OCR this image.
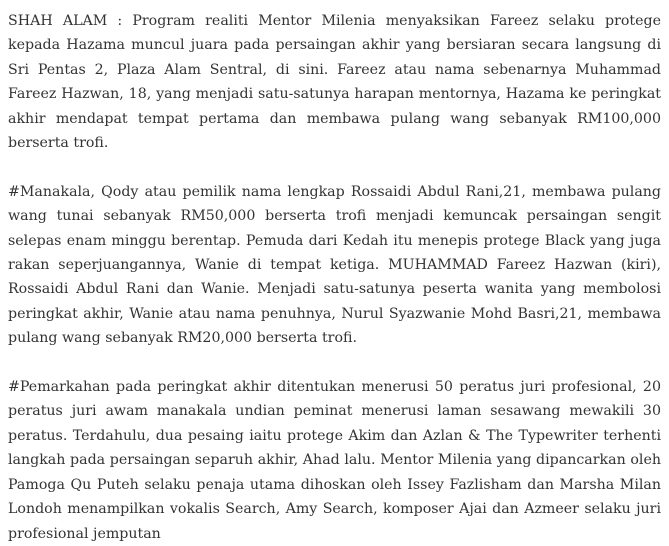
SHAH ALAM : Program realiti Mentor Milenia menyaksikan Fareez selaku protege kepada Hazama muncul juara pada persaingan akhir yang bersiaran secara langsung di Sri Pentas 2, Plaza Alam Sentral, di sini. Fareez atau nama sebenarnya Muhammad Fareez Hazwan, 18, yang menjadi satu-satunya harapan mentornya, Hazama ke peringkat akhir mendapat tempat pertama dan membawa pulang wang sebanyak RM100,000 berserta trofi.

#Manakala, Qody atau pemilik nama lengkap Rossaidi Abdul Rani,21, membawa pulang wang tunai sebanyak RM50,000 berserta trofi menjadi kemuncak persaingan sengit selepas enam minggu berentap. Pemuda dari Kedah itu menepis protege Black yang juga rakan seperjuangannya, Wanie di tempat ketiga. MUHAMMAD Fareez Hazwan (kiri), Rossaidi Abdul Rani dan Wanie. Menjadi satu-satunya peserta wanita yang membolosi peringkat akhir, Wanie atau nama penuhnya, Nurul Syazwanie Mohd Basri,21, membawa pulang wang sebanyak RM20,000 berserta trofi.

#Pemarkahan pada peringkat akhir ditentukan menerusi 50 peratus juri profesional, 20 peratus juri awam manakala undian peminat menerusi laman sesawang mewakili 30 peratus. Terdahulu, dua pesaing iaitu protege Akim dan Azlan & The Typewriter terhenti langkah pada persaingan separuh akhir, Ahad lalu. Mentor Milenia yang dipancarkan oleh Pamoga Qu Puteh selaku penaja utama dihoskan oleh Issey Fazlisham dan Marsha Milan Londoh menampilkan vokalis Search, Amy Search, komposer Ajai dan Azmeer selaku juri profesional jemputan
